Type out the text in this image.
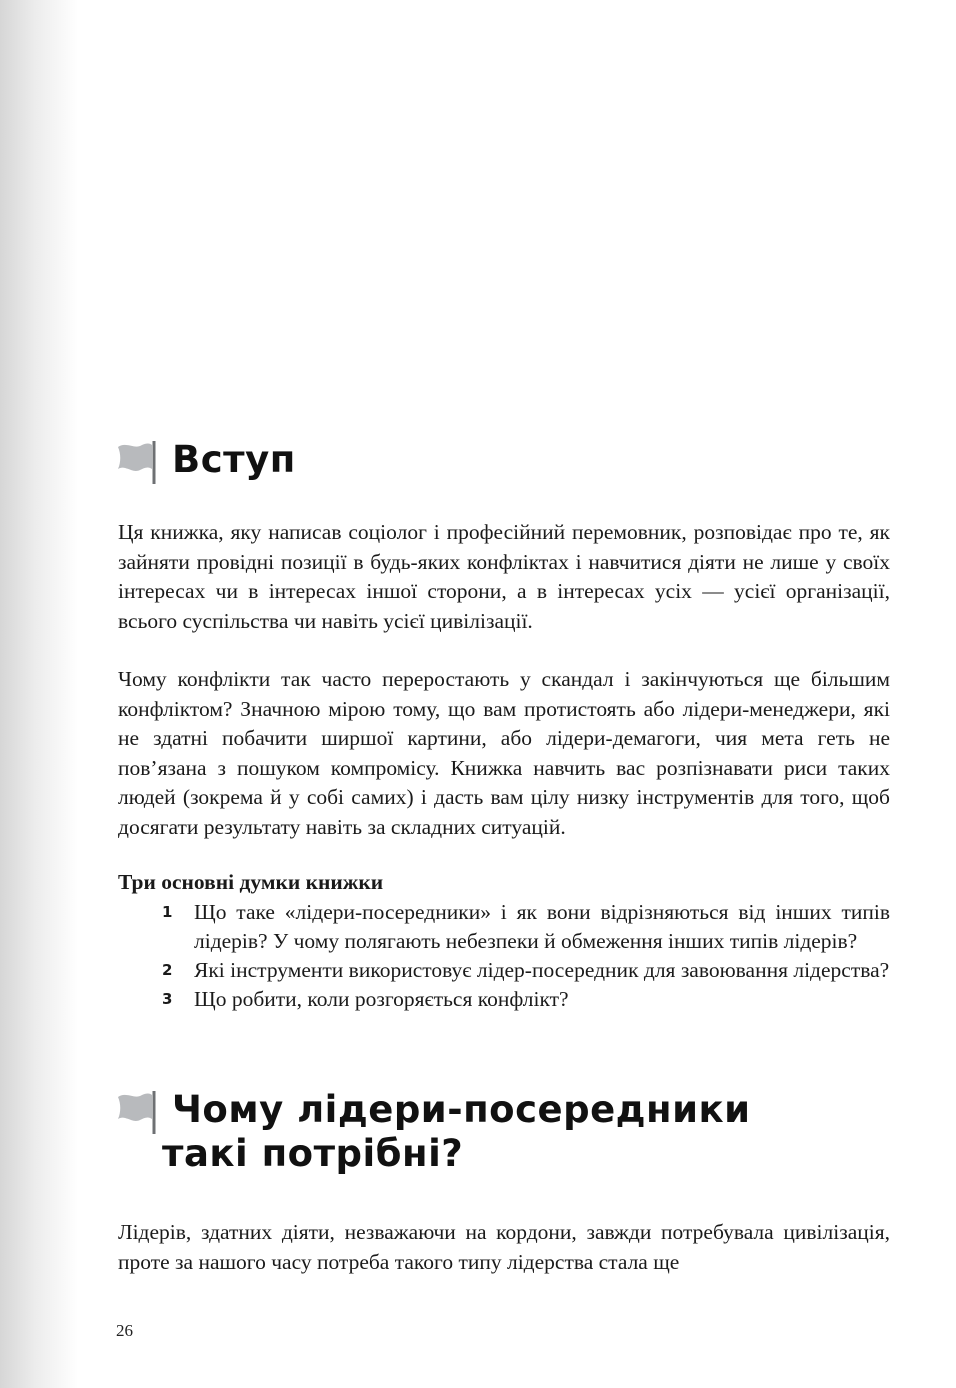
Вступ

Ця книжка, яку написав соціолог і професійний перемовник, розповідає про те, як зайняти провідні позиції в будь-яких конфліктах і навчитися діяти не лише у своїх інтересах чи в інтересах іншої сторони, а в інтересах усіх — усієї організації, всього суспільства чи навіть усієї цивілізації.

Чому конфлікти так часто переростають у скандал і закінчуються ще більшим конфліктом? Значною мірою тому, що вам протистоять або лідери-менеджери, які не здатні побачити ширшої картини, або лідери-демагоги, чия мета геть не пов’язана з пошуком компромісу. Книжка навчить вас розпізнавати риси таких людей (зокрема й у собі самих) і дасть вам цілу низку інструментів для того, щоб досягати результату навіть за складних ситуацій.

Три основні думки книжки

1 Що таке «лідери-посередники» і як вони відрізняються від інших типів лідерів? У чому полягають небезпеки й обмеження інших типів лідерів?
2 Які інструменти використовує лідер-посередник для завоювання лідерства?
3 Що робити, коли розгоряється конфлікт?
Чому лідери-посередники
такі потрібні?

Лідерів, здатних діяти, незважаючи на кордони, завжди потребувала цивілізація, проте за нашого часу потреба такого типу лідерства стала ще

26
